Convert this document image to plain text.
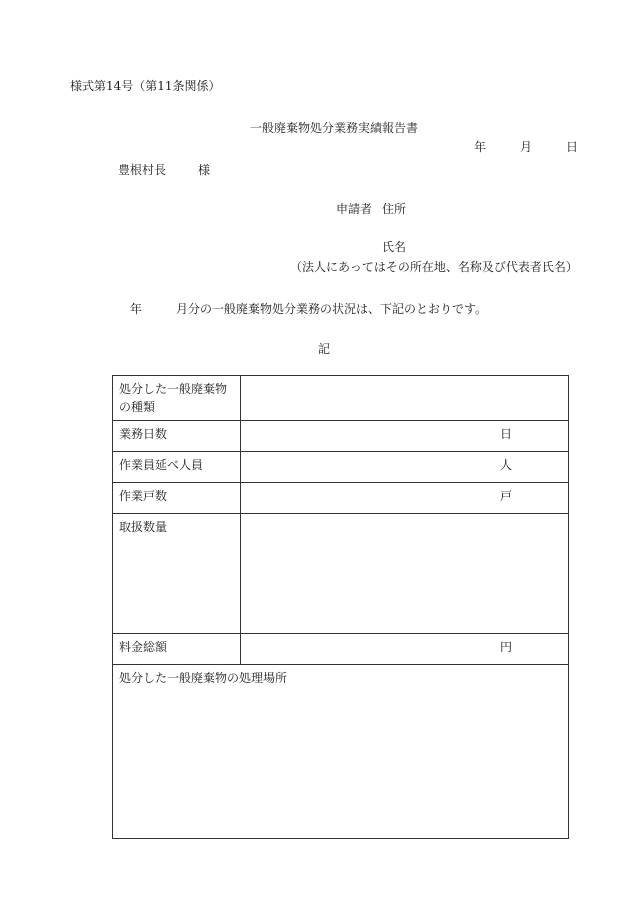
様式第14号（第11条関係）
一般廃棄物処分業務実績報告書
年	月	日
豊根村長	様
申請者 住所
氏名
（法人にあってはその所在地、名称及び代表者氏名）
年	月分の一般廃棄物処分業務の状況は、下記のとおりです。
記
処分した一般廃棄物の種類	
業務日数	日

作業員延べ人員	人

作業戸数	戸

取扱数量	
料金総額	円

処分した一般廃棄物の処理場所	
